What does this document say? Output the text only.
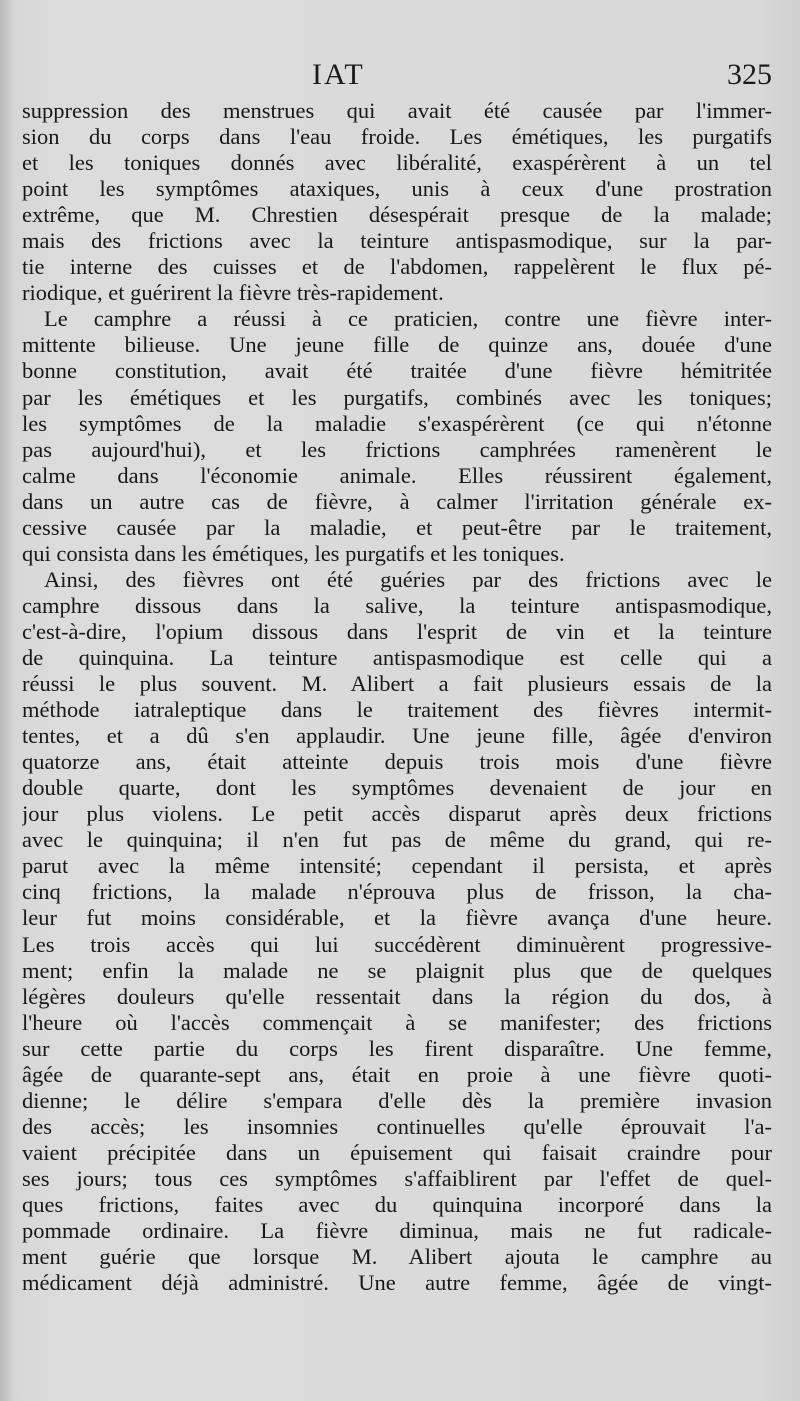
IAT	325
suppression des menstrues qui avait été causée par l'immer-
sion du corps dans l'eau froide. Les émétiques, les purgatifs
et les toniques donnés avec libéralité, exaspérèrent à un tel
point les symptômes ataxiques, unis à ceux d'une prostration
extrême, que M. Chrestien désespérait presque de la malade;
mais des frictions avec la teinture antispasmodique, sur la par-
tie interne des cuisses et de l'abdomen, rappelèrent le flux pé-
riodique, et guérirent la fièvre très-rapidement.
Le camphre a réussi à ce praticien, contre une fièvre inter-
mittente bilieuse. Une jeune fille de quinze ans, douée d'une
bonne constitution, avait été traitée d'une fièvre hémitritée
par les émétiques et les purgatifs, combinés avec les toniques;
les symptômes de la maladie s'exaspérèrent (ce qui n'étonne
pas aujourd'hui), et les frictions camphrées ramenèrent le
calme dans l'économie animale. Elles réussirent également,
dans un autre cas de fièvre, à calmer l'irritation générale ex-
cessive causée par la maladie, et peut-être par le traitement,
qui consista dans les émétiques, les purgatifs et les toniques.
Ainsi, des fièvres ont été guéries par des frictions avec le
camphre dissous dans la salive, la teinture antispasmodique,
c'est-à-dire, l'opium dissous dans l'esprit de vin et la teinture
de quinquina. La teinture antispasmodique est celle qui a
réussi le plus souvent. M. Alibert a fait plusieurs essais de la
méthode iatraleptique dans le traitement des fièvres intermit-
tentes, et a dû s'en applaudir. Une jeune fille, âgée d'environ
quatorze ans, était atteinte depuis trois mois d'une fièvre
double quarte, dont les symptômes devenaient de jour en
jour plus violens. Le petit accès disparut après deux frictions
avec le quinquina; il n'en fut pas de même du grand, qui re-
parut avec la même intensité; cependant il persista, et après
cinq frictions, la malade n'éprouva plus de frisson, la cha-
leur fut moins considérable, et la fièvre avança d'une heure.
Les trois accès qui lui succédèrent diminuèrent progressive-
ment; enfin la malade ne se plaignit plus que de quelques
légères douleurs qu'elle ressentait dans la région du dos, à
l'heure où l'accès commençait à se manifester; des frictions
sur cette partie du corps les firent disparaître. Une femme,
âgée de quarante-sept ans, était en proie à une fièvre quoti-
dienne; le délire s'empara d'elle dès la première invasion
des accès; les insomnies continuelles qu'elle éprouvait l'a-
vaient précipitée dans un épuisement qui faisait craindre pour
ses jours; tous ces symptômes s'affaiblirent par l'effet de quel-
ques frictions, faites avec du quinquina incorporé dans la
pommade ordinaire. La fièvre diminua, mais ne fut radicale-
ment guérie que lorsque M. Alibert ajouta le camphre au
médicament déjà administré. Une autre femme, âgée de vingt-
